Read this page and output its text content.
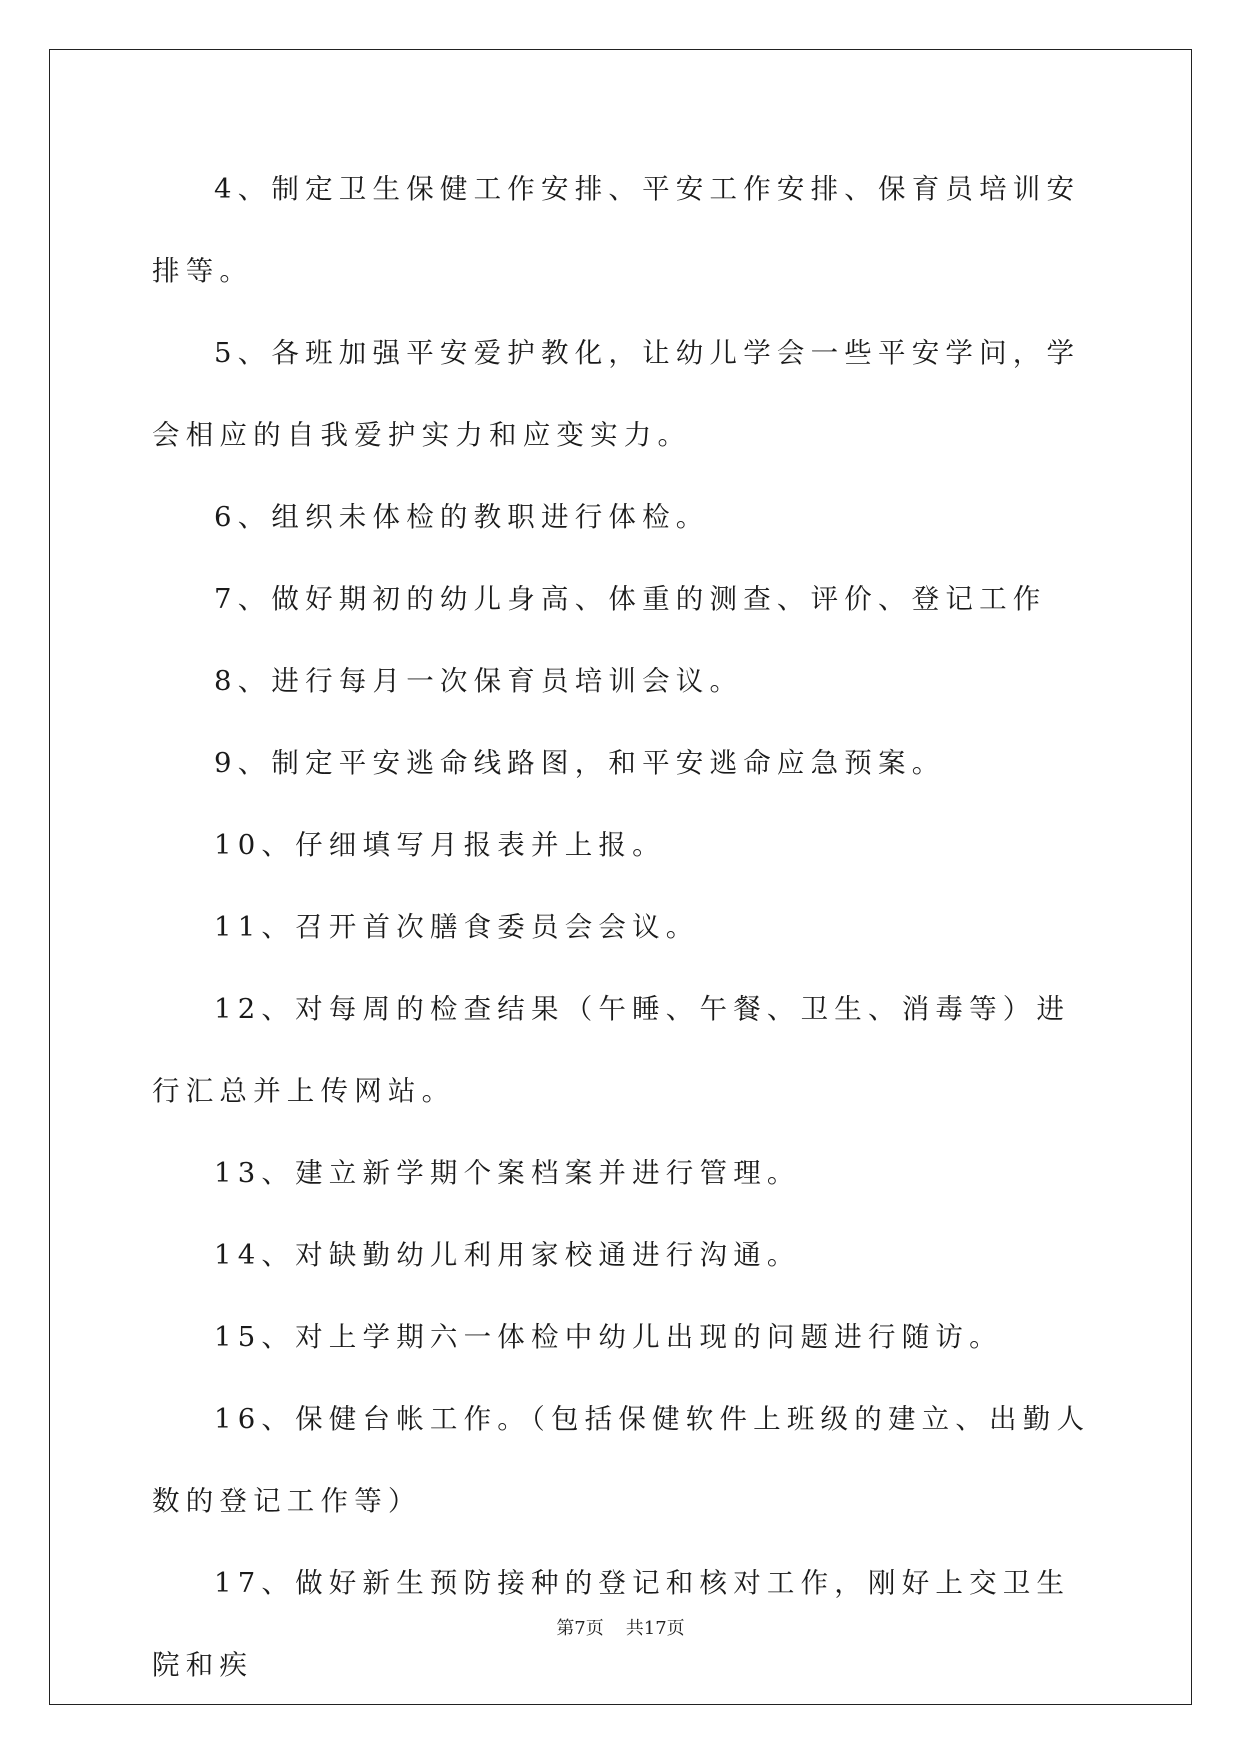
4、制定卫生保健工作安排、平安工作安排、保育员培训安排等。

5、各班加强平安爱护教化，让幼儿学会一些平安学问，学会相应的自我爱护实力和应变实力。

6、组织未体检的教职进行体检。

7、做好期初的幼儿身高、体重的测查、评价、登记工作

8、进行每月一次保育员培训会议。

9、制定平安逃命线路图，和平安逃命应急预案。

10、仔细填写月报表并上报。

11、召开首次膳食委员会会议。

12、对每周的检查结果（午睡、午餐、卫生、消毒等）进行汇总并上传网站。

13、建立新学期个案档案并进行管理。

14、对缺勤幼儿利用家校通进行沟通。

15、对上学期六一体检中幼儿出现的问题进行随访。

16、保健台帐工作。（包括保健软件上班级的建立、出勤人数的登记工作等）

17、做好新生预防接种的登记和核对工作，刚好上交卫生院和疾

第7页 共17页
